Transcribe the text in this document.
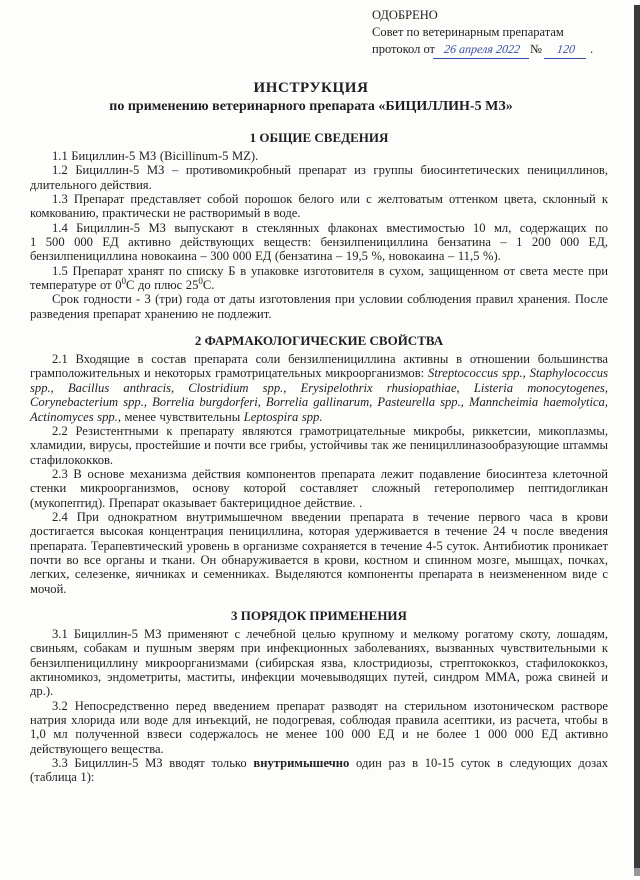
ОДОБРЕНО
Совет по ветеринарным препаратам
протокол от 26 апреля 2022 № 120 .
ИНСТРУКЦИЯ
по применению ветеринарного препарата «БИЦИЛЛИН-5 МЗ»
1 ОБЩИЕ СВЕДЕНИЯ

1.1 Бициллин-5 МЗ (Bicillinum-5 MZ).

1.2 Бициллин-5 МЗ – противомикробный препарат из группы биосинтетических пенициллинов, длительного действия.

1.3 Препарат представляет собой порошок белого или с желтоватым оттенком цвета, склонный к комкованию, практически не растворимый в воде.

1.4 Бициллин-5 МЗ выпускают в стеклянных флаконах вместимостью 10 мл, содержащих по 1 500 000 ЕД активно действующих веществ: бензилпенициллина бензатина – 1 200 000 ЕД, бензилпенициллина новокаина – 300 000 ЕД (бензатина – 19,5 %, новокаина – 11,5 %).

1.5 Препарат хранят по списку Б в упаковке изготовителя в сухом, защищенном от света месте при температуре от $0^0С$ до плюс $25^0С$.

Срок годности - 3 (три) года от даты изготовления при условии соблюдения правил хранения. После разведения препарат хранению не подлежит.

2 ФАРМАКОЛОГИЧЕСКИЕ СВОЙСТВА

2.1 Входящие в состав препарата соли бензилпенициллина активны в отношении большинства грамположительных и некоторых грамотрицательных микроорганизмов: Streptococcus spp., Staphylococcus spp., Bacillus anthracis, Clostridium spp., Erysipelothrix rhusiopathiae, Listeria monocytogenes, Corynebacterium spp., Borrelia burgdorferi, Borrelia gallinarum, Pasteurella spp., Manncheimia haemolytica, Actinomyces spp., менее чувствительны Leptospira spp.

2.2 Резистентными к препарату являются грамотрицательные микробы, риккетсии, микоплазмы, хламидии, вирусы, простейшие и почти все грибы, устойчивы так же пенициллиназообразующие штаммы стафилококков.

2.3 В основе механизма действия компонентов препарата лежит подавление биосинтеза клеточной стенки микроорганизмов, основу которой составляет сложный гетерополимер пептидогликан (мукопептид). Препарат оказывает бактерицидное действие. .

2.4 При однократном внутримышечном введении препарата в течение первого часа в крови достигается высокая концентрация пенициллина, которая удерживается в течение 24 ч после введения препарата. Терапевтический уровень в организме сохраняется в течение 4-5 суток. Антибиотик проникает почти во все органы и ткани. Он обнаруживается в крови, костном и спинном мозге, мышцах, почках, легких, селезенке, яичниках и семенниках. Выделяются компоненты препарата в неизмененном виде с мочой.

3 ПОРЯДОК ПРИМЕНЕНИЯ

3.1 Бициллин-5 МЗ применяют с лечебной целью крупному и мелкому рогатому скоту, лошадям, свиньям, собакам и пушным зверям при инфекционных заболеваниях, вызванных чувствительными к бензилпенициллину микроорганизмами (сибирская язва, клостридиозы, стрептококкоз, стафилококкоз, актиномикоз, эндометриты, маститы, инфекции мочевыводящих путей, синдром ММА, рожа свиней и др.).

3.2 Непосредственно перед введением препарат разводят на стерильном изотоническом растворе натрия хлорида или воде для инъекций, не подогревая, соблюдая правила асептики, из расчета, чтобы в 1,0 мл полученной взвеси содержалось не менее 100 000 ЕД и не более 1 000 000 ЕД активно действующего вещества.

3.3 Бициллин-5 МЗ вводят только внутримышечно один раз в 10-15 суток в следующих дозах (таблица 1):
